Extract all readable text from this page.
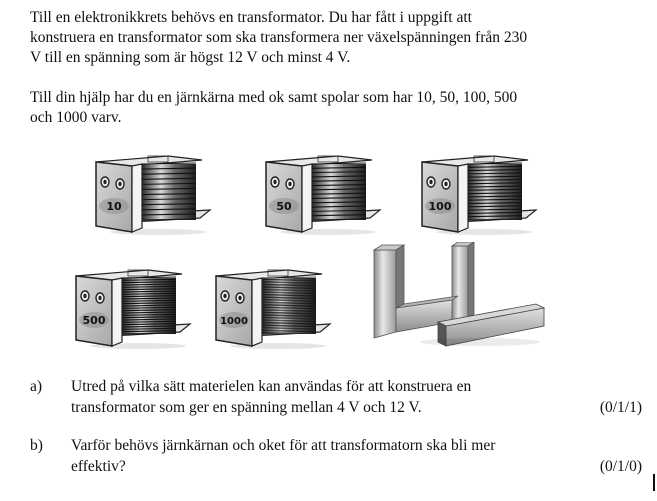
Till en elektronikkrets behövs en transformator. Du har fått i uppgift att
konstruera en transformator som ska transformera ner växelspänningen från 230
V till en spänning som är högst 12 V och minst 4 V.
Till din hjälp har du en järnkärna med ok samt spolar som har 10, 50, 100, 500
och 1000 varv.
10	50	100
500	1000
a) Utred på vilka sätt materielen kan användas för att konstruera en
transformator som ger en spänning mellan 4 V och 12 V.	(0/1/1)
b) Varför behövs järnkärnan och oket för att transformatorn ska bli mer
effektiv?	(0/1/0)
